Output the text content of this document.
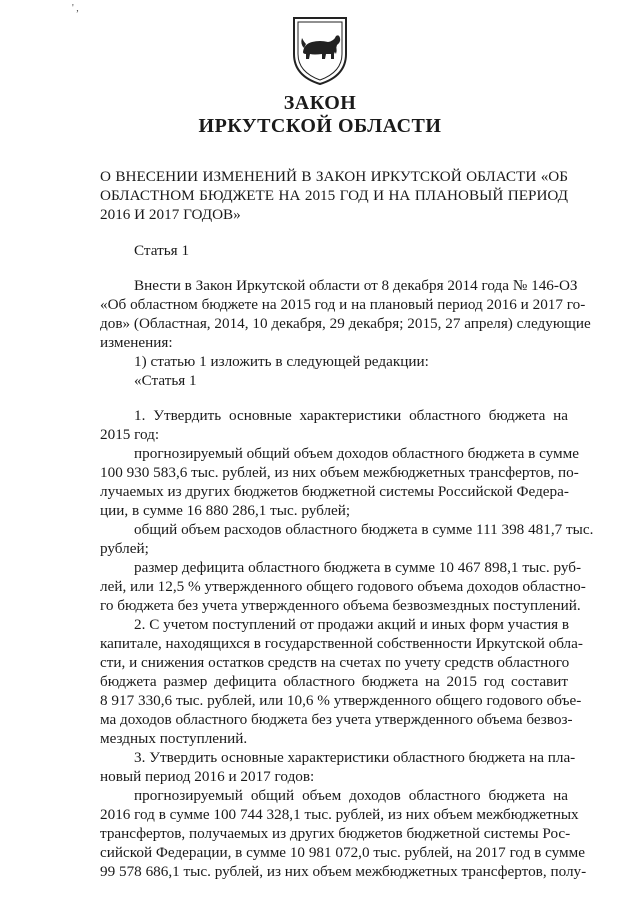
' ,
ЗАКОН
ИРКУТСКОЙ ОБЛАСТИ
О ВНЕСЕНИИ ИЗМЕНЕНИЙ В ЗАКОН ИРКУТСКОЙ ОБЛАСТИ «ОБ
ОБЛАСТНОМ БЮДЖЕТЕ НА 2015 ГОД И НА ПЛАНОВЫЙ ПЕРИОД
2016 И 2017 ГОДОВ»
Статья 1
Внести в Закон Иркутской области от 8 декабря 2014 года № 146-ОЗ
«Об областном бюджете на 2015 год и на плановый период 2016 и 2017 го-
дов» (Областная, 2014, 10 декабря, 29 декабря; 2015, 27 апреля) следующие
изменения:
1) статью 1 изложить в следующей редакции:
«Статья 1
1. Утвердить основные характеристики областного бюджета на
2015 год:
прогнозируемый общий объем доходов областного бюджета в сумме
100 930 583,6 тыс. рублей, из них объем межбюджетных трансфертов, по-
лучаемых из других бюджетов бюджетной системы Российской Федера-
ции, в сумме 16 880 286,1 тыс. рублей;
общий объем расходов областного бюджета в сумме 111 398 481,7 тыс.
рублей;
размер дефицита областного бюджета в сумме 10 467 898,1 тыс. руб-
лей, или 12,5 % утвержденного общего годового объема доходов областно-
го бюджета без учета утвержденного объема безвозмездных поступлений.
2. С учетом поступлений от продажи акций и иных форм участия в
капитале, находящихся в государственной собственности Иркутской обла-
сти, и снижения остатков средств на счетах по учету средств областного
бюджета размер дефицита областного бюджета на 2015 год составит
8 917 330,6 тыс. рублей, или 10,6 % утвержденного общего годового объе-
ма доходов областного бюджета без учета утвержденного объема безвоз-
мездных поступлений.
3. Утвердить основные характеристики областного бюджета на пла-
новый период 2016 и 2017 годов:
прогнозируемый общий объем доходов областного бюджета на
2016 год в сумме 100 744 328,1 тыс. рублей, из них объем межбюджетных
трансфертов, получаемых из других бюджетов бюджетной системы Рос-
сийской Федерации, в сумме 10 981 072,0 тыс. рублей, на 2017 год в сумме
99 578 686,1 тыс. рублей, из них объем межбюджетных трансфертов, полу-
